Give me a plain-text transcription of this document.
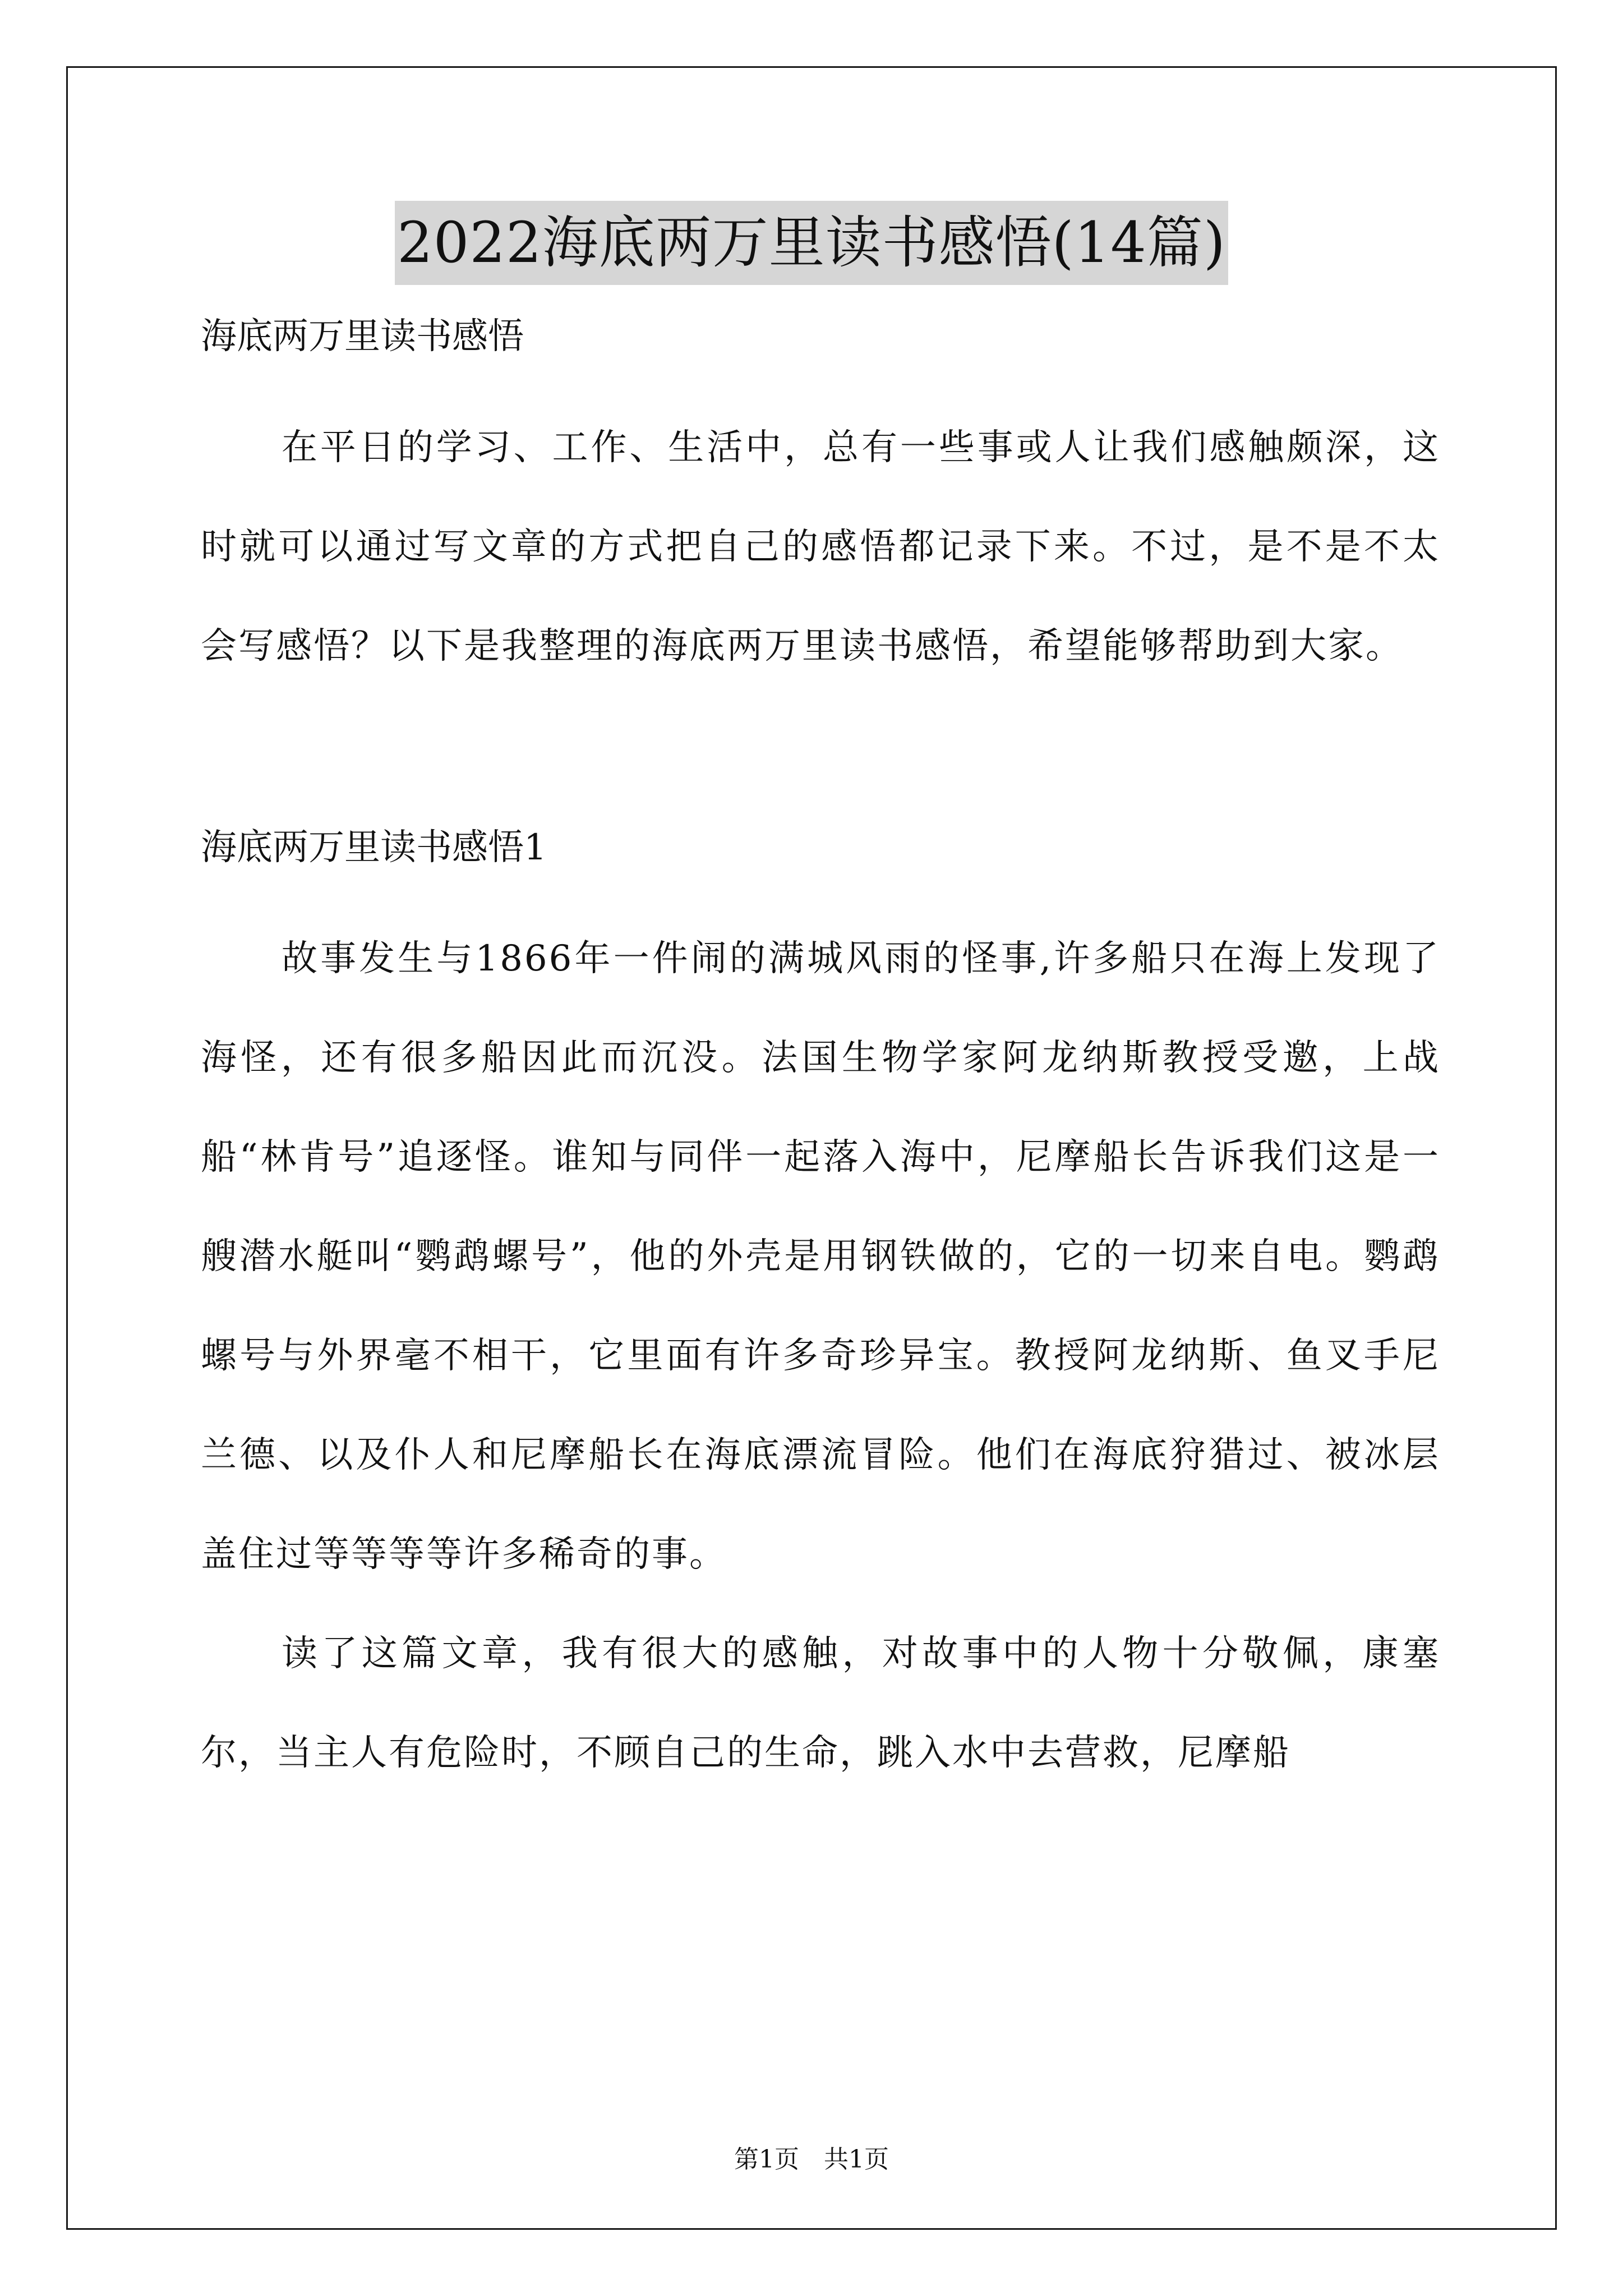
2022海底两万里读书感悟(14篇)

海底两万里读书感悟

在平日的学习、工作、生活中，总有一些事或人让我们感触颇深，这时就可以通过写文章的方式把自己的感悟都记录下来。不过，是不是不太会写感悟？以下是我整理的海底两万里读书感悟，希望能够帮助到大家。

海底两万里读书感悟1

故事发生与1866年一件闹的满城风雨的怪事,许多船只在海上发现了海怪，还有很多船因此而沉没。法国生物学家阿龙纳斯教授受邀，上战船“林肯号”追逐怪。谁知与同伴一起落入海中，尼摩船长告诉我们这是一艘潜水艇叫“鹦鹉螺号”，他的外壳是用钢铁做的，它的一切来自电。鹦鹉螺号与外界毫不相干，它里面有许多奇珍异宝。教授阿龙纳斯、鱼叉手尼兰德、以及仆人和尼摩船长在海底漂流冒险。他们在海底狩猎过、被冰层盖住过等等等等许多稀奇的事。

读了这篇文章，我有很大的感触，对故事中的人物十分敬佩，康塞尔，当主人有危险时，不顾自己的生命，跳入水中去营救，尼摩船

第1页　共1页
